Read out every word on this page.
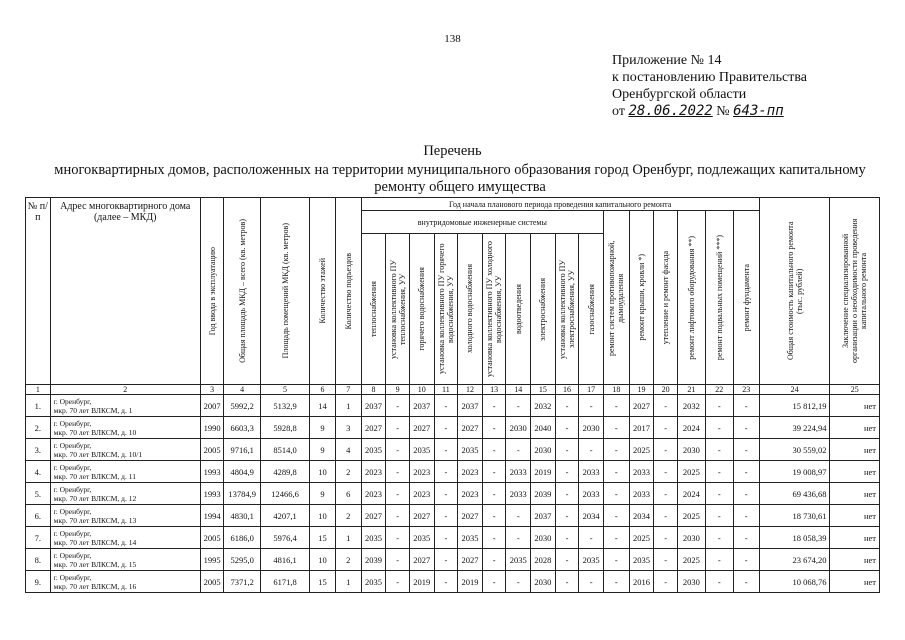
138
Приложение № 14
к постановлению Правительства
Оренбургской области
от 28.06.2022 № 643-пп
Перечень
многоквартирных домов, расположенных на территории муниципального образования город Оренбург, подлежащих капитальному ремонту общего имущества
№ п/п	Адрес многоквартирного дома (далее – МКД)	Год ввода в эксплуатацию	Общая площадь МКД – всего (кв. метров)	Площадь помещений МКД (кв. метров)	Количество этажей	Количество подъездов	Год начала планового периода проведения капитального ремонта																Общая стоимость капитального ремонта (тыс. рублей)	Заключение специализированной организации о необходимости проведения капитального ремонта

							внутридомовые инженерные системы										ремонт систем противопожарной, дымоудаления	ремонт крыши, кровли *)	утепление и ремонт фасада	ремонт лифтового оборудования **)	ремонт подвальных помещений ***)	ремонт фундамента		

							теплоснабжения	установка коллективного ПУ теплоснабжения, УУ	горячего водоснабжения	установка коллективного ПУ горячего водоснабжения, УУ	холодного водоснабжения	установка коллективного ПУ холодного водоснабжения, УУ	водоотведения	электроснабжения	установка коллективного ПУ электроснабжения, УУ	газоснабжения								

1	2	3	4	5	6	7	8	9	10	11	12	13	14	15	16	17	18	19	20	21	22	23	24	25
1.	г. Оренбург,
мкр. 70 лет ВЛКСМ, д. 1	2007	5992,2	5132,9	14	1	2037	-	2037	-	2037	-	-	2032	-	-	-	2027	-	2032	-	-	15 812,19	нет
2.	г. Оренбург,
мкр. 70 лет ВЛКСМ, д. 10	1990	6603,3	5928,8	9	3	2027	-	2027	-	2027	-	2030	2040	-	2030	-	2017	-	2024	-	-	39 224,94	нет
3.	г. Оренбург,
мкр. 70 лет ВЛКСМ, д. 10/1	2005	9716,1	8514,0	9	4	2035	-	2035	-	2035	-	-	2030	-	-	-	2025	-	2030	-	-	30 559,02	нет
4.	г. Оренбург,
мкр. 70 лет ВЛКСМ, д. 11	1993	4804,9	4289,8	10	2	2023	-	2023	-	2023	-	2033	2019	-	2033	-	2033	-	2025	-	-	19 008,97	нет
5.	г. Оренбург,
мкр. 70 лет ВЛКСМ, д. 12	1993	13784,9	12466,6	9	6	2023	-	2023	-	2023	-	2033	2039	-	2033	-	2033	-	2024	-	-	69 436,68	нет
6.	г. Оренбург,
мкр. 70 лет ВЛКСМ, д. 13	1994	4830,1	4207,1	10	2	2027	-	2027	-	2027	-	-	2037	-	2034	-	2034	-	2025	-	-	18 730,61	нет
7.	г. Оренбург,
мкр. 70 лет ВЛКСМ, д. 14	2005	6186,0	5976,4	15	1	2035	-	2035	-	2035	-	-	2030	-	-	-	2025	-	2030	-	-	18 058,39	нет
8.	г. Оренбург,
мкр. 70 лет ВЛКСМ, д. 15	1995	5295,0	4816,1	10	2	2039	-	2027	-	2027	-	2035	2028	-	2035	-	2035	-	2025	-	-	23 674,20	нет
9.	г. Оренбург,
мкр. 70 лет ВЛКСМ, д. 16	2005	7371,2	6171,8	15	1	2035	-	2019	-	2019	-	-	2030	-	-	-	2016	-	2030	-	-	10 068,76	нет
